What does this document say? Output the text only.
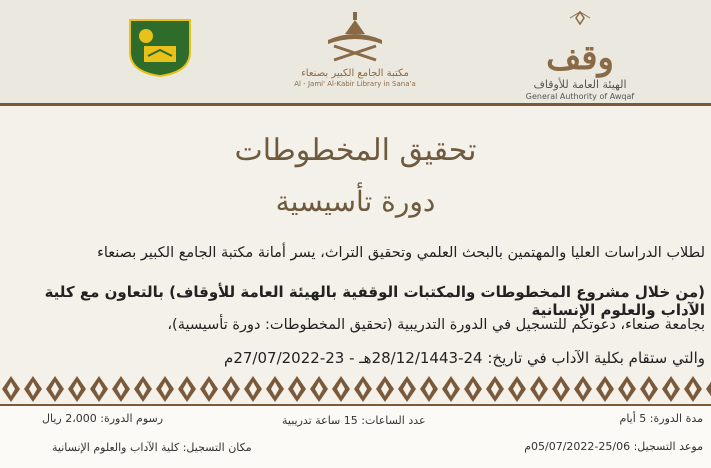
وقف
الهيئة العامة للأوقاف
General Authority of Awqaf
مكتبة الجامع الكبير بصنعاء
Al - Jami' Al-Kabir Library in Sana'a
تحقيق المخطوطات
دورة تأسيسية
لطلاب الدراسات العليا والمهتمين بالبحث العلمي وتحقيق التراث، يسر أمانة مكتبة الجامع الكبير بصنعاء
(من خلال مشروع المخطوطات والمكتبات الوقفية بالهيئة العامة للأوقاف) بالتعاون مع كلية الآداب والعلوم الإنسانية
بجامعة صنعاء، دعوتكم للتسجيل في الدورة التدريبية (تحقيق المخطوطات: دورة تأسيسية)،
والتي ستقام بكلية الآداب في تاريخ: 24-28/12/1443هـ - 23-27/07/2022م
مدة الدورة: 5 أيام
عدد الساعات: 15 ساعة تدريبية
رسوم الدورة: 2،000 ريال
موعد التسجيل: 25/06-05/07/2022م
مكان التسجيل: كلية الآداب والعلوم الإنسانية
